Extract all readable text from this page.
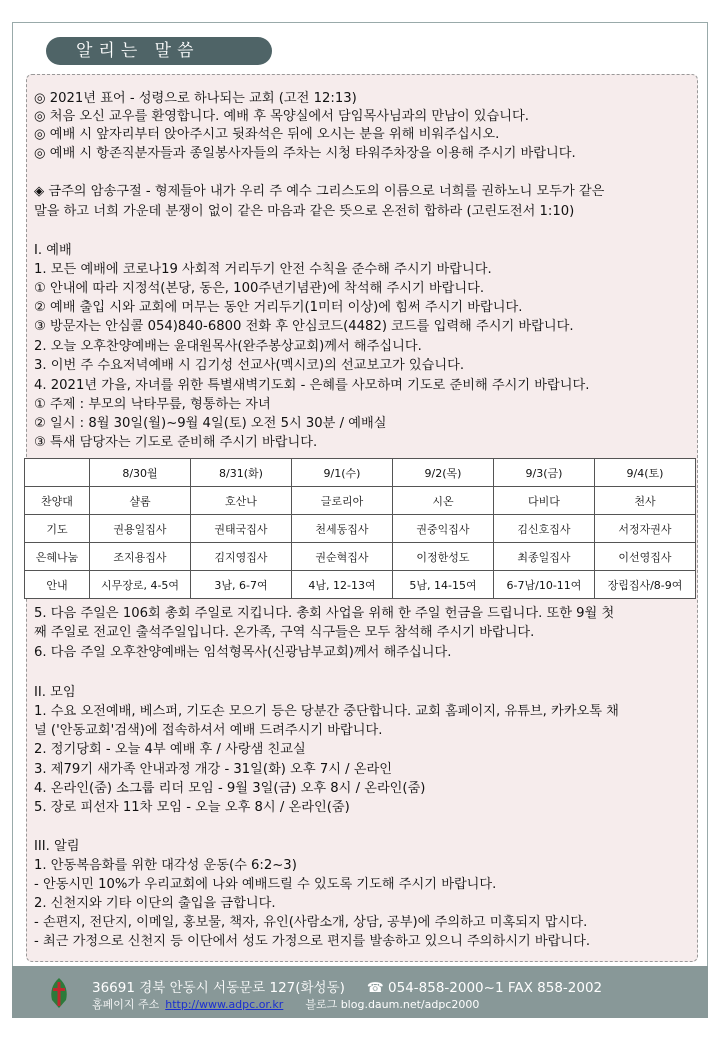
알리는 말씀
◎ 2021년 표어 - 성령으로 하나되는 교회 (고전 12:13)
◎ 처음 오신 교우를 환영합니다. 예배 후 목양실에서 담임목사님과의 만남이 있습니다.
◎ 예배 시 앞자리부터 앉아주시고 뒷좌석은 뒤에 오시는 분을 위해 비워주십시오.
◎ 예배 시 항존직분자들과 종일봉사자들의 주차는 시청 타워주차장을 이용해 주시기 바랍니다.
◈ 금주의 암송구절 - 형제들아 내가 우리 주 예수 그리스도의 이름으로 너희를 권하노니 모두가 같은
말을 하고 너희 가운데 분쟁이 없이 같은 마음과 같은 뜻으로 온전히 합하라 (고린도전서 1:10)
I. 예배
1. 모든 예배에 코로나19 사회적 거리두기 안전 수칙을 준수해 주시기 바랍니다.
① 안내에 따라 지정석(본당, 동은, 100주년기념관)에 착석해 주시기 바랍니다.
② 예배 출입 시와 교회에 머무는 동안 거리두기(1미터 이상)에 힘써 주시기 바랍니다.
③ 방문자는 안심콜 054)840-6800 전화 후 안심코드(4482) 코드를 입력해 주시기 바랍니다.
2. 오늘 오후찬양예배는 윤대원목사(완주봉상교회)께서 해주십니다.
3. 이번 주 수요저녁예배 시 김기성 선교사(멕시코)의 선교보고가 있습니다.
4. 2021년 가을, 자녀를 위한 특별새벽기도회 - 은혜를 사모하며 기도로 준비해 주시기 바랍니다.
① 주제 : 부모의 낙타무릎, 형통하는 자녀
② 일시 : 8월 30일(월)~9월 4일(토) 오전 5시 30분 / 예배실
③ 특새 담당자는 기도로 준비해 주시기 바랍니다.
	8/30월	8/31(화)	9/1(수)	9/2(목)	9/3(금)	9/4(토)
찬양대	샬롬	호산나	글로리아	시온	다비다	천사
기도	권용일집사	권태국집사	천세동집사	권중익집사	김신호집사	서정자권사
은혜나눔	조지용집사	김지영집사	권순혁집사	이정한성도	최종일집사	이선영집사
안내	시무장로, 4-5여	3남, 6-7여	4남, 12-13여	5남, 14-15여	6-7남/10-11여	장립집사/8-9여
5. 다음 주일은 106회 총회 주일로 지킵니다. 총회 사업을 위해 한 주일 헌금을 드립니다. 또한 9월 첫
째 주일로 전교인 출석주일입니다. 온가족, 구역 식구들은 모두 참석해 주시기 바랍니다.
6. 다음 주일 오후찬양예배는 임석형목사(신광남부교회)께서 해주십니다.
II. 모임
1. 수요 오전예배, 베스퍼, 기도손 모으기 등은 당분간 중단합니다. 교회 홈페이지, 유튜브, 카카오톡 채
널 ('안동교회'검색)에 접속하셔서 예배 드려주시기 바랍니다.
2. 정기당회 - 오늘 4부 예배 후 / 사랑샘 친교실
3. 제79기 새가족 안내과정 개강 - 31일(화) 오후 7시 / 온라인
4. 온라인(줌) 소그룹 리더 모임 - 9월 3일(금) 오후 8시 / 온라인(줌)
5. 장로 피선자 11차 모임 - 오늘 오후 8시 / 온라인(줌)
III. 알림
1. 안동복음화를 위한 대각성 운동(수 6:2~3)
- 안동시민 10%가 우리교회에 나와 예배드릴 수 있도록 기도해 주시기 바랍니다.
2. 신천지와 기타 이단의 출입을 금합니다.
- 손편지, 전단지, 이메일, 홍보물, 책자, 유인(사람소개, 상담, 공부)에 주의하고 미혹되지 맙시다.
- 최근 가정으로 신천지 등 이단에서 성도 가정으로 편지를 발송하고 있으니 주의하시기 바랍니다.
36691 경북 안동시 서동문로 127(화성동) ☎ 054-858-2000~1 FAX 858-2002
홈페이지 주소 http://www.adpc.or.kr 블로그 blog.daum.net/adpc2000
